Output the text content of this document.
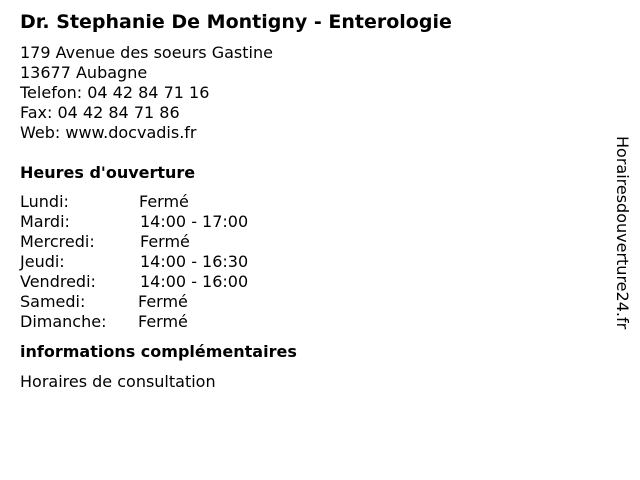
Dr. Stephanie De Montigny - Enterologie
179 Avenue des soeurs Gastine
13677 Aubagne
Telefon: 04 42 84 71 16
Fax: 04 42 84 71 86
Web: www.docvadis.fr
Heures d'ouverture
Lundi:	Fermé
Mardi:	14:00 - 17:00
Mercredi:	Fermé
Jeudi:	14:00 - 16:30
Vendredi:	14:00 - 16:00
Samedi:	Fermé
Dimanche:	Fermé
informations complémentaires
Horaires de consultation
Horairesdouverture24.fr
